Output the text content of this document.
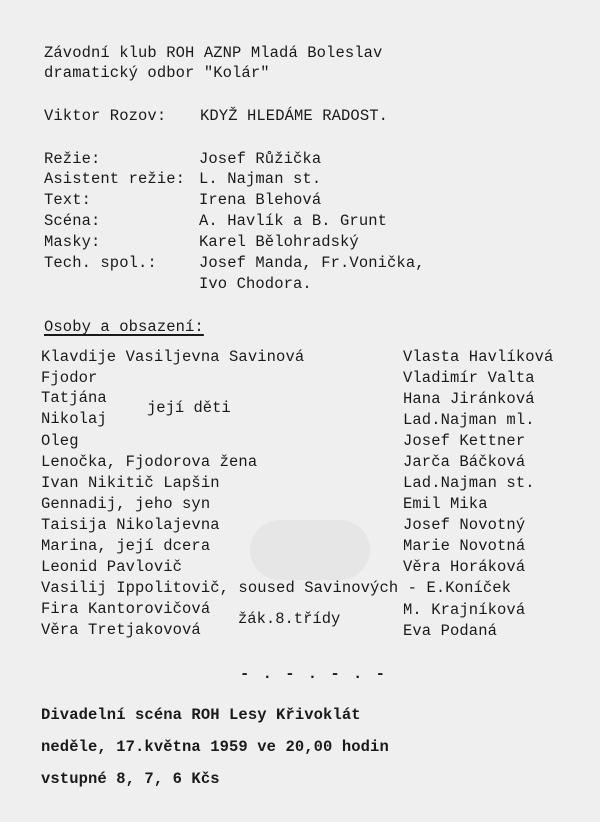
Závodní klub ROH AZNP Mladá Boleslav
dramatický odbor "Kolár"
Viktor Rozov: KDYŽ HLEDÁME RADOST.
Režie:	Josef Růžička
Asistent režie: L. Najman st.
Text:	Irena Blehová
Scéna:	A. Havlík a B. Grunt
Masky:	Karel Bělohradský
Tech. spol.:	Josef Manda, Fr.Vonička,
Ivo Chodora.
Osoby a obsazení:
Klavdije Vasiljevna Savinová	Vlasta Havlíková
Fjodor	Vladimír Valta
Tatjána	Hana Jiránková
Nikolaj	Lad.Najman ml.
její děti
Oleg	Josef Kettner
Lenočka, Fjodorova žena	Jarča Báčková
Ivan Nikitič Lapšin	Lad.Najman st.
Gennadij, jeho syn	Emil Mika
Taisija Nikolajevna	Josef Novotný
Marina, její dcera	Marie Novotná
Leonid Pavlovič	Věra Horáková
Vasilij Ippolitovič, soused Savinových - E.Koníček
Fira Kantorovičová	M. Krajníková
Věra Tretjakovová	Eva Podaná
žák.8.třídy
- . - . - . -
Divadelní scéna ROH Lesy Křivoklát
neděle, 17.května 1959 ve 20,00 hodin
vstupné 8, 7, 6 Kčs
